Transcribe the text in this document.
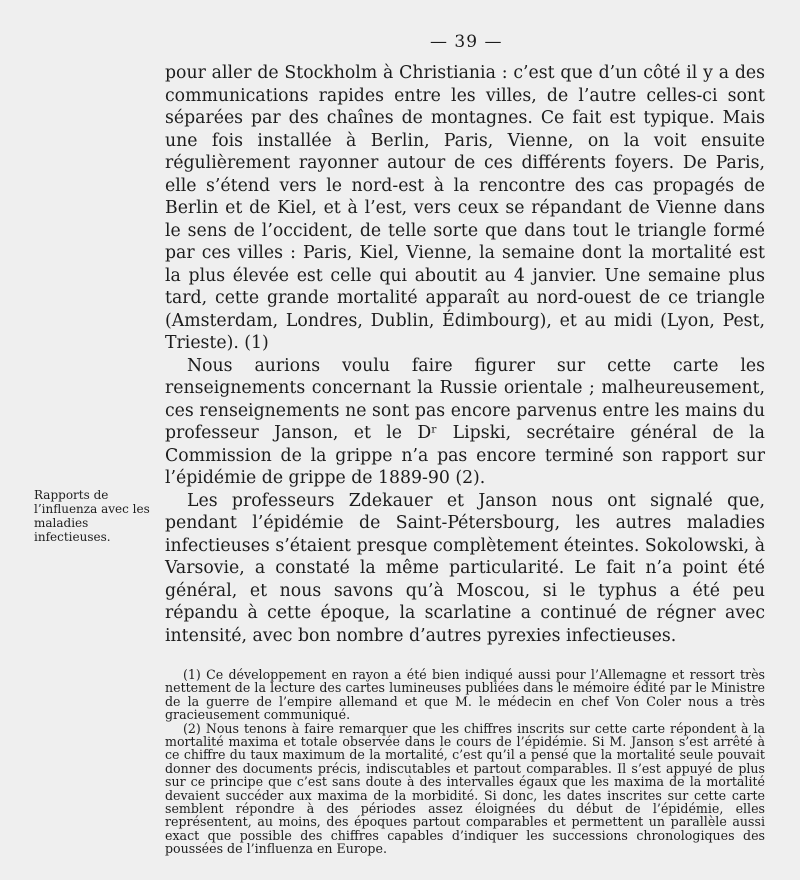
— 39 —

pour aller de Stockholm à Christiania : c’est que d’un côté il y a des communications rapides entre les villes, de l’autre celles-ci sont séparées par des chaînes de montagnes. Ce fait est typique. Mais une fois installée à Berlin, Paris, Vienne, on la voit ensuite régulièrement rayonner autour de ces différents foyers. De Paris, elle s’étend vers le nord-est à la rencontre des cas propagés de Berlin et de Kiel, et à l’est, vers ceux se répandant de Vienne dans le sens de l’occident, de telle sorte que dans tout le triangle formé par ces villes : Paris, Kiel, Vienne, la semaine dont la mortalité est la plus élevée est celle qui aboutit au 4 janvier. Une semaine plus tard, cette grande mortalité apparaît au nord-ouest de ce triangle (Amsterdam, Londres, Dublin, Édimbourg), et au midi (Lyon, Pest, Trieste). (1)

Nous aurions voulu faire figurer sur cette carte les renseignements concernant la Russie orientale ; malheureusement, ces renseignements ne sont pas encore parvenus entre les mains du professeur Janson, et le Dʳ Lipski, secrétaire général de la Commission de la grippe n’a pas encore terminé son rapport sur l’épidémie de grippe de 1889-90 (2).

Les professeurs Zdekauer et Janson nous ont signalé que, pendant l’épidémie de Saint-Pétersbourg, les autres maladies infectieuses s’étaient presque complètement éteintes. Sokolowski, à Varsovie, a constaté la même particularité. Le fait n’a point été général, et nous savons qu’à Moscou, si le typhus a été peu répandu à cette époque, la scarlatine a continué de régner avec intensité, avec bon nombre d’autres pyrexies infectieuses.

Rapports de l’influenza avec les maladies infectieuses.

(1) Ce développement en rayon a été bien indiqué aussi pour l’Allemagne et ressort très nettement de la lecture des cartes lumineuses publiées dans le mémoire édité par le Ministre de la guerre de l’empire allemand et que M. le médecin en chef Von Coler nous a très gracieusement communiqué.

(2) Nous tenons à faire remarquer que les chiffres inscrits sur cette carte répondent à la mortalité maxima et totale observée dans le cours de l’épidémie. Si M. Janson s’est arrêté à ce chiffre du taux maximum de la mortalité, c’est qu’il a pensé que la mortalité seule pouvait donner des documents précis, indiscutables et partout comparables. Il s’est appuyé de plus sur ce principe que c’est sans doute à des intervalles égaux que les maxima de la mortalité devaient succéder aux maxima de la morbidité. Si donc, les dates inscrites sur cette carte semblent répondre à des périodes assez éloignées du début de l’épidémie, elles représentent, au moins, des époques partout comparables et permettent un parallèle aussi exact que possible des chiffres capables d’indiquer les successions chronologiques des poussées de l’influenza en Europe.
